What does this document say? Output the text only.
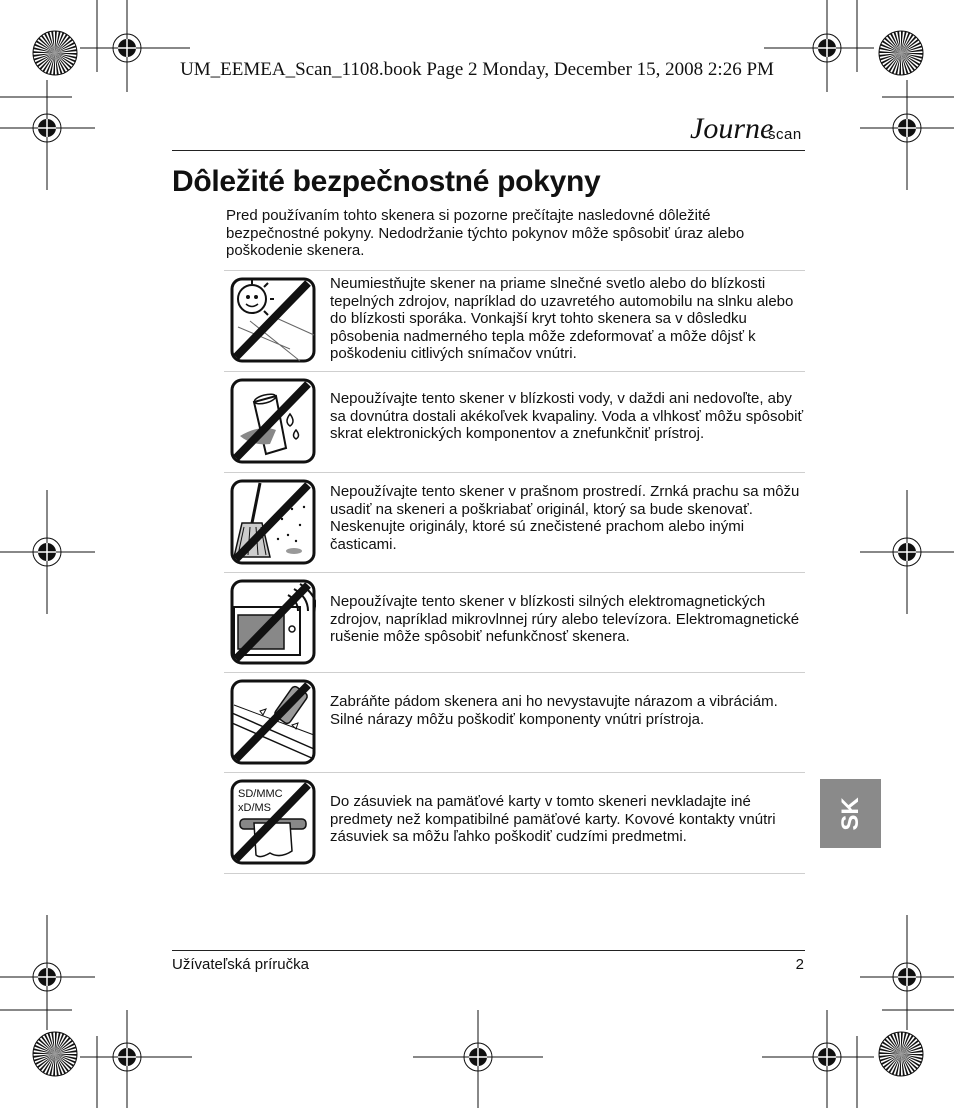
UM_EEMEA_Scan_1108.book Page 2 Monday, December 15, 2008 2:26 PM
Journe
scan
Dôležité bezpečnostné pokyny
Pred používaním tohto skenera si pozorne prečítajte nasledovné dôležité bezpečnostné pokyny. Nedodržanie týchto pokynov môže spôsobiť úraz alebo poškodenie skenera.
Neumiestňujte skener na priame slnečné svetlo alebo do blízkosti tepelných zdrojov, napríklad do uzavretého automobilu na slnku alebo do blízkosti sporáka. Vonkajší kryt tohto skenera sa v dôsledku pôsobenia nadmerného tepla môže zdeformovať a môže dôjsť k poškodeniu citlivých snímačov vnútri.
Nepoužívajte tento skener v blízkosti vody, v daždi ani nedovoľte, aby sa dovnútra dostali akékoľvek kvapaliny. Voda a vlhkosť môžu spôsobiť skrat elektronických komponentov a znefunkčniť prístroj.
Nepoužívajte tento skener v prašnom prostredí. Zrnká prachu sa môžu usadiť na skeneri a poškriabať originál, ktorý sa bude skenovať. Neskenujte originály, ktoré sú znečistené prachom alebo inými časticami.
Nepoužívajte tento skener v blízkosti silných elektromagnetických zdrojov, napríklad mikrovlnnej rúry alebo televízora. Elektromagnetické rušenie môže spôsobiť nefunkčnosť skenera.
Zabráňte pádom skenera ani ho nevystavujte nárazom a vibráciám. Silné nárazy môžu poškodiť komponenty vnútri prístroja.
SD/MMC
xD/MS	Do zásuviek na pamäťové karty v tomto skeneri nevkladajte iné predmety než kompatibilné pamäťové karty. Kovové kontakty vnútri zásuviek sa môžu ľahko poškodiť cudzími predmetmi.
SK
Užívateľská príručka	2
